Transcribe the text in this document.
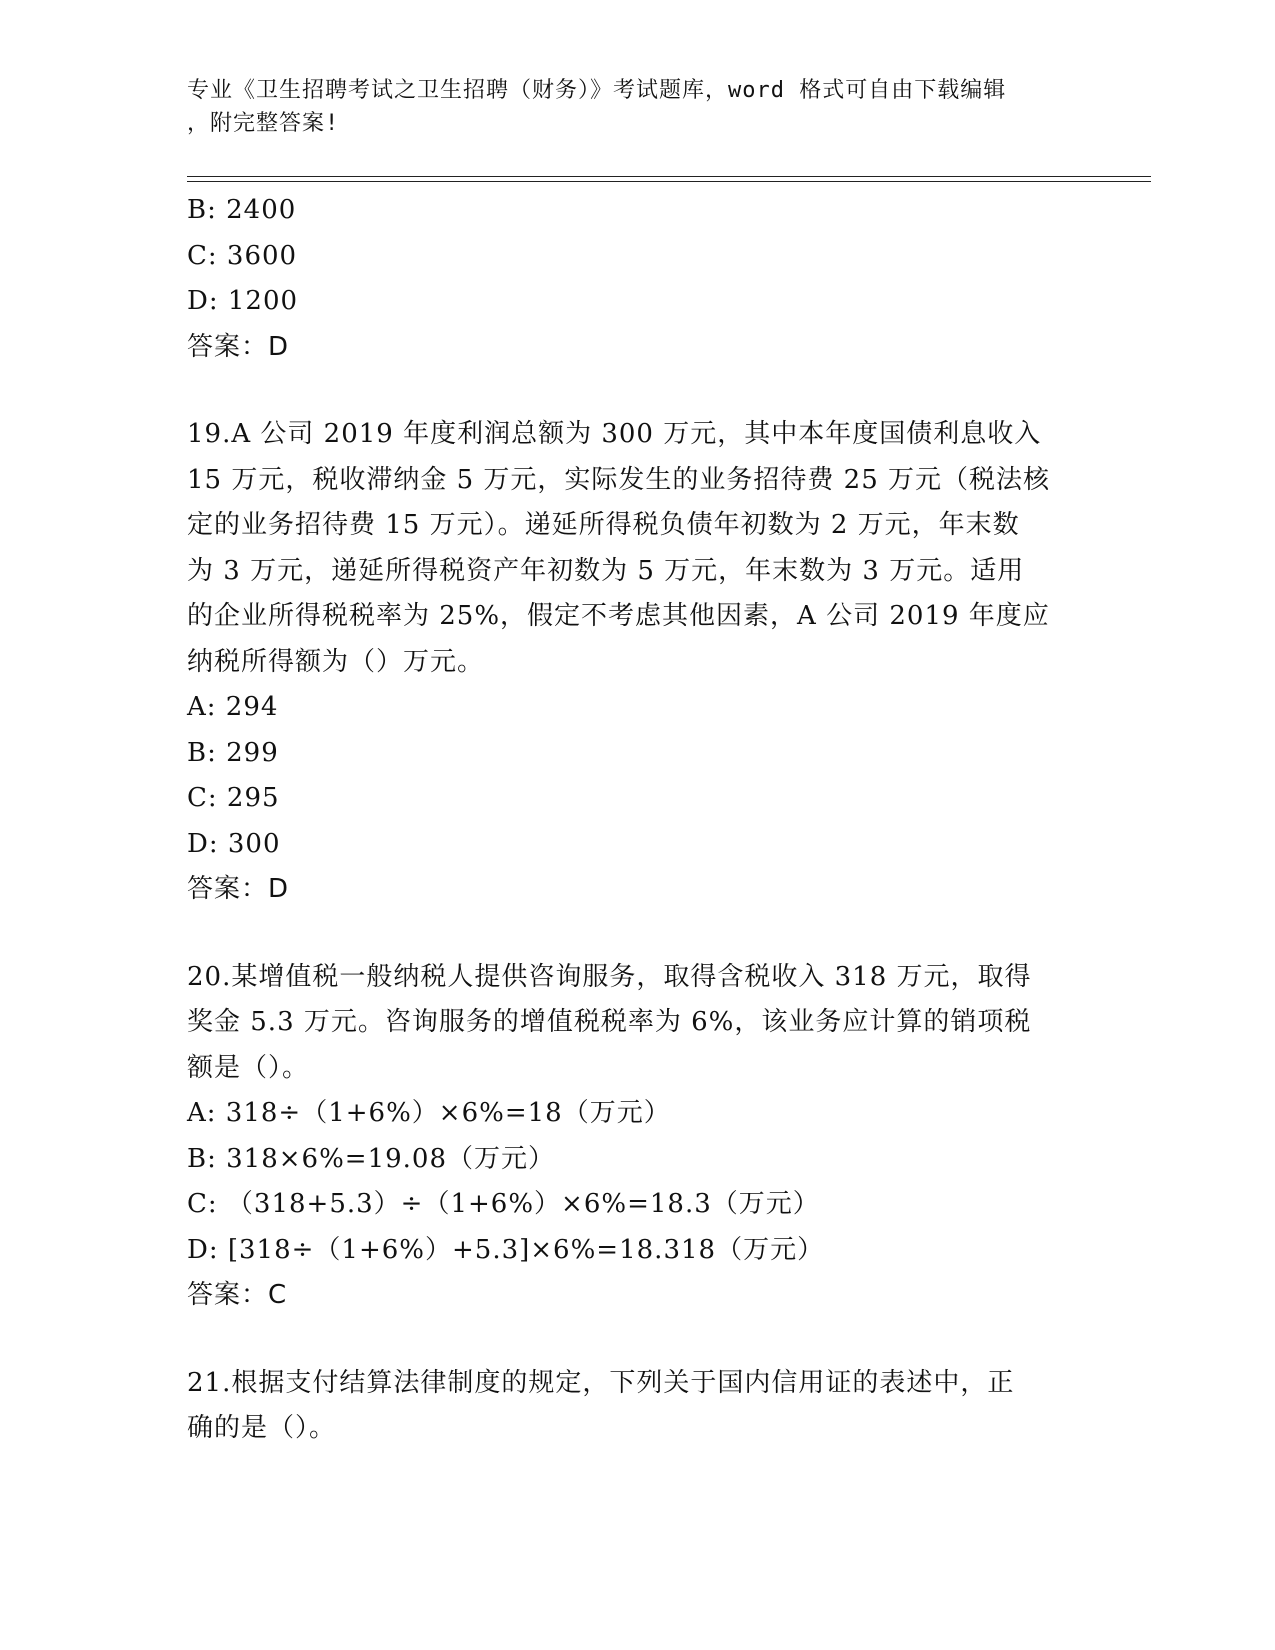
专业《卫生招聘考试之卫生招聘（财务）》考试题库，word 格式可自由下载编辑
，附完整答案!
B: 2400
C: 3600
D: 1200
答案：D
19.A 公司 2019 年度利润总额为 300 万元，其中本年度国债利息收入
15 万元，税收滞纳金 5 万元，实际发生的业务招待费 25 万元（税法核
定的业务招待费 15 万元）。递延所得税负债年初数为 2 万元，年末数
为 3 万元，递延所得税资产年初数为 5 万元，年末数为 3 万元。适用
的企业所得税税率为 25%，假定不考虑其他因素，A 公司 2019 年度应
纳税所得额为（）万元。
A: 294
B: 299
C: 295
D: 300
答案：D
20.某增值税一般纳税人提供咨询服务，取得含税收入 318 万元，取得
奖金 5.3 万元。咨询服务的增值税税率为 6%，该业务应计算的销项税
额是（）。
A: 318÷（1+6%）×6%=18（万元）
B: 318×6%=19.08（万元）
C: （318+5.3）÷（1+6%）×6%=18.3（万元）
D: [318÷（1+6%）+5.3]×6%=18.318（万元）
答案：C
21.根据支付结算法律制度的规定，下列关于国内信用证的表述中，正
确的是（）。
